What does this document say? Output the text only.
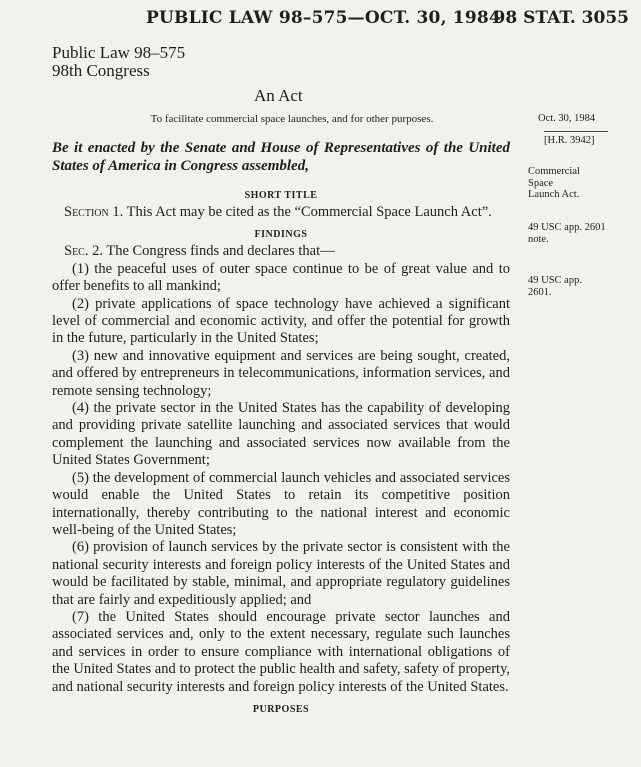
PUBLIC LAW 98–575—OCT. 30, 1984
98 STAT. 3055
Public Law 98–575
98th Congress
An Act
To facilitate commercial space launches, and for other purposes.

Be it enacted by the Senate and House of Representatives of the United States of America in Congress assembled,

SHORT TITLE

Section 1. This Act may be cited as the “Commercial Space Launch Act”.

FINDINGS

Sec. 2. The Congress finds and declares that—

(1) the peaceful uses of outer space continue to be of great value and to offer benefits to all mankind;

(2) private applications of space technology have achieved a significant level of commercial and economic activity, and offer the potential for growth in the future, particularly in the United States;

(3) new and innovative equipment and services are being sought, created, and offered by entrepreneurs in telecommunications, information services, and remote sensing technology;

(4) the private sector in the United States has the capability of developing and providing private satellite launching and associated services that would complement the launching and associated services now available from the United States Government;

(5) the development of commercial launch vehicles and associated services would enable the United States to retain its competitive position internationally, thereby contributing to the national interest and economic well-being of the United States;

(6) provision of launch services by the private sector is consistent with the national security interests and foreign policy interests of the United States and would be facilitated by stable, minimal, and appropriate regulatory guidelines that are fairly and expeditiously applied; and

(7) the United States should encourage private sector launches and associated services and, only to the extent necessary, regulate such launches and services in order to ensure compliance with international obligations of the United States and to protect the public health and safety, safety of property, and national security interests and foreign policy interests of the United States.

PURPOSES
Oct. 30, 1984
[H.R. 3942]
Commercial
Space
Launch Act.
49 USC app. 2601
note.
49 USC app.
2601.
